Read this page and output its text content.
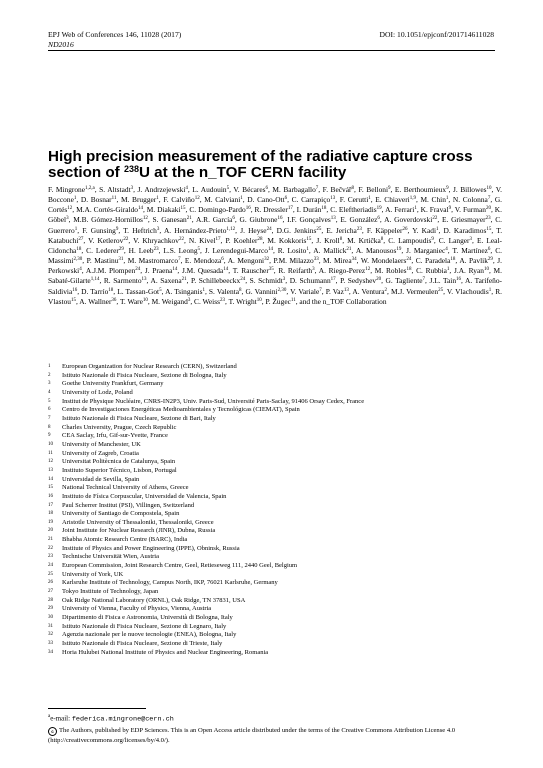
EPJ Web of Conferences 146, 11028 (2017)
ND2016
DOI: 10.1051/epjconf/201714611028
High precision measurement of the radiative capture cross section of $^{238}$U at the n_TOF CERN facility
F. Mingrone$^{1,2,a}$, S. Altstadt$^3$, J. Andrzejewski$^4$, L. Audouin$^5$, V. Bécares$^6$, M. Barbagallo$^7$, F. Bečvář$^8$, F. Belloni$^9$, E. Berthoumieux$^9$, J. Billowes$^{10}$, V. Boccone$^1$, D. Bosnar$^{11}$, M. Brugger$^1$, F. Calviño$^{12}$, M. Calviani$^1$, D. Cano-Ott$^6$, C. Carrapiço$^{13}$, F. Cerutti$^1$, E. Chiaveri$^{1,9}$, M. Chin$^1$, N. Colonna$^7$, G. Cortés$^{12}$, M.A. Cortés-Giraldo$^{14}$, M. Diakaki$^{15}$, C. Domingo-Pardo$^{16}$, R. Dressler$^{17}$, I. Durán$^{18}$, C. Eleftheriadis$^{19}$, A. Ferrari$^1$, K. Fraval$^9$, V. Furman$^{20}$, K. Göbel$^3$, M.B. Gómez-Hornillos$^{12}$, S. Ganesan$^{21}$, A.R. García$^6$, G. Giubrone$^{16}$, I.F. Gonçalves$^{13}$, E. González$^6$, A. Goverdovski$^{22}$, E. Griesmayer$^{23}$, C. Guerrero$^1$, F. Gunsing$^9$, T. Heftrich$^3$, A. Hernández-Prieto$^{1,12}$, J. Heyse$^{24}$, D.G. Jenkins$^{25}$, E. Jericha$^{23}$, F. Käppeler$^{26}$, Y. Kadi$^1$, D. Karadimos$^{15}$, T. Katabuchi$^{27}$, V. Ketlerov$^{22}$, V. Khryachkov$^{22}$, N. Kivel$^{17}$, P. Koehler$^{28}$, M. Kokkoris$^{15}$, J. Kroll$^8$, M. Krtička$^8$, C. Lampoudis$^9$, C. Langer$^3$, E. Leal-Cidoncha$^{18}$, C. Lederer$^{29}$, H. Leeb$^{23}$, L.S. Leong$^5$, J. Lerendegui-Marco$^{14}$, R. Losito$^1$, A. Mallick$^{21}$, A. Manousos$^{19}$, J. Marganiec$^4$, T. Martínez$^6$, C. Massimi$^{2,30}$, P. Mastinu$^{31}$, M. Mastromarco$^7$, E. Mendoza$^6$, A. Mengoni$^{32}$, P.M. Milazzo$^{33}$, M. Mirea$^{34}$, W. Mondelaers$^{24}$, C. Paradela$^{18}$, A. Pavlik$^{29}$, J. Perkowski$^4$, A.J.M. Plompen$^{24}$, J. Praena$^{14}$, J.M. Quesada$^{14}$, T. Rauscher$^{35}$, R. Reifarth$^3$, A. Riego-Perez$^{12}$, M. Robles$^{18}$, C. Rubbia$^1$, J.A. Ryan$^{10}$, M. Sabaté-Gilarte$^{1,14}$, R. Sarmento$^{13}$, A. Saxena$^{21}$, P. Schillebeeckx$^{24}$, S. Schmidt$^3$, D. Schumann$^{17}$, P. Sedyshev$^{20}$, G. Tagliente$^7$, J.L. Tain$^{16}$, A. Tarifeño-Saldivia$^{16}$, D. Tarrío$^{18}$, L. Tassan-Got$^5$, A. Tsinganis$^1$, S. Valenta$^8$, G. Vannini$^{2,30}$, V. Variale$^7$, P. Vaz$^{13}$, A. Ventura$^2$, M.J. Vermeulen$^{25}$, V. Vlachoudis$^1$, R. Vlastou$^{15}$, A. Wallner$^{36}$, T. Ware$^{10}$, M. Weigand$^3$, C. Weiss$^{23}$, T. Wright$^{10}$, P. Žugec$^{11}$, and the n_TOF Collaboration
1	European Organization for Nuclear Research (CERN), Switzerland
2	Istituto Nazionale di Fisica Nucleare, Sezione di Bologna, Italy
3	Goethe University Frankfurt, Germany
4	University of Lodz, Poland
5	Institut de Physique Nucléaire, CNRS-IN2P3, Univ. Paris-Sud, Université Paris-Saclay, 91406 Orsay Cedex, France
6	Centro de Investigaciones Energéticas Medioambientales y Tecnológicas (CIEMAT), Spain
7	Istituto Nazionale di Fisica Nucleare, Sezione di Bari, Italy
8	Charles University, Prague, Czech Republic
9	CEA Saclay, Irfu, Gif-sur-Yvette, France
10	University of Manchester, UK
11	University of Zagreb, Croatia
12	Universitat Politècnica de Catalunya, Spain
13	Instituto Superior Técnico, Lisbon, Portugal
14	Universidad de Sevilla, Spain
15	National Technical University of Athens, Greece
16	Instituto de Física Corpuscular, Universidad de Valencia, Spain
17	Paul Scherrer Institut (PSI), Villingen, Switzerland
18	University of Santiago de Compostela, Spain
19	Aristotle University of Thessaloniki, Thessaloniki, Greece
20	Joint Institute for Nuclear Research (JINR), Dubna, Russia
21	Bhabha Atomic Research Centre (BARC), India
22	Institute of Physics and Power Engineering (IPPE), Obninsk, Russia
23	Technische Universität Wien, Austria
24	European Commission, Joint Research Centre, Geel, Retieseweg 111, 2440 Geel, Belgium
25	University of York, UK
26	Karlsruhe Institute of Technology, Campus North, IKP, 76021 Karlsruhe, Germany
27	Tokyo Institute of Technology, Japan
28	Oak Ridge National Laboratory (ORNL), Oak Ridge, TN 37831, USA
29	University of Vienna, Faculty of Physics, Vienna, Austria
30	Dipartimento di Fisica e Astronomia, Università di Bologna, Italy
31	Istituto Nazionale di Fisica Nucleare, Sezione di Legnaro, Italy
32	Agenzia nazionale per le nuove tecnologie (ENEA), Bologna, Italy
33	Istituto Nazionale di Fisica Nucleare, Sezione di Trieste, Italy
34	Horia Hulubei National Institute of Physics and Nuclear Engineering, Romania
$^a$e-mail: federica.mingrone@cern.ch
c The Authors, published by EDP Sciences. This is an Open Access article distributed under the terms of the Creative Commons Attribution License 4.0 (http://creativecommons.org/licenses/by/4.0/).
